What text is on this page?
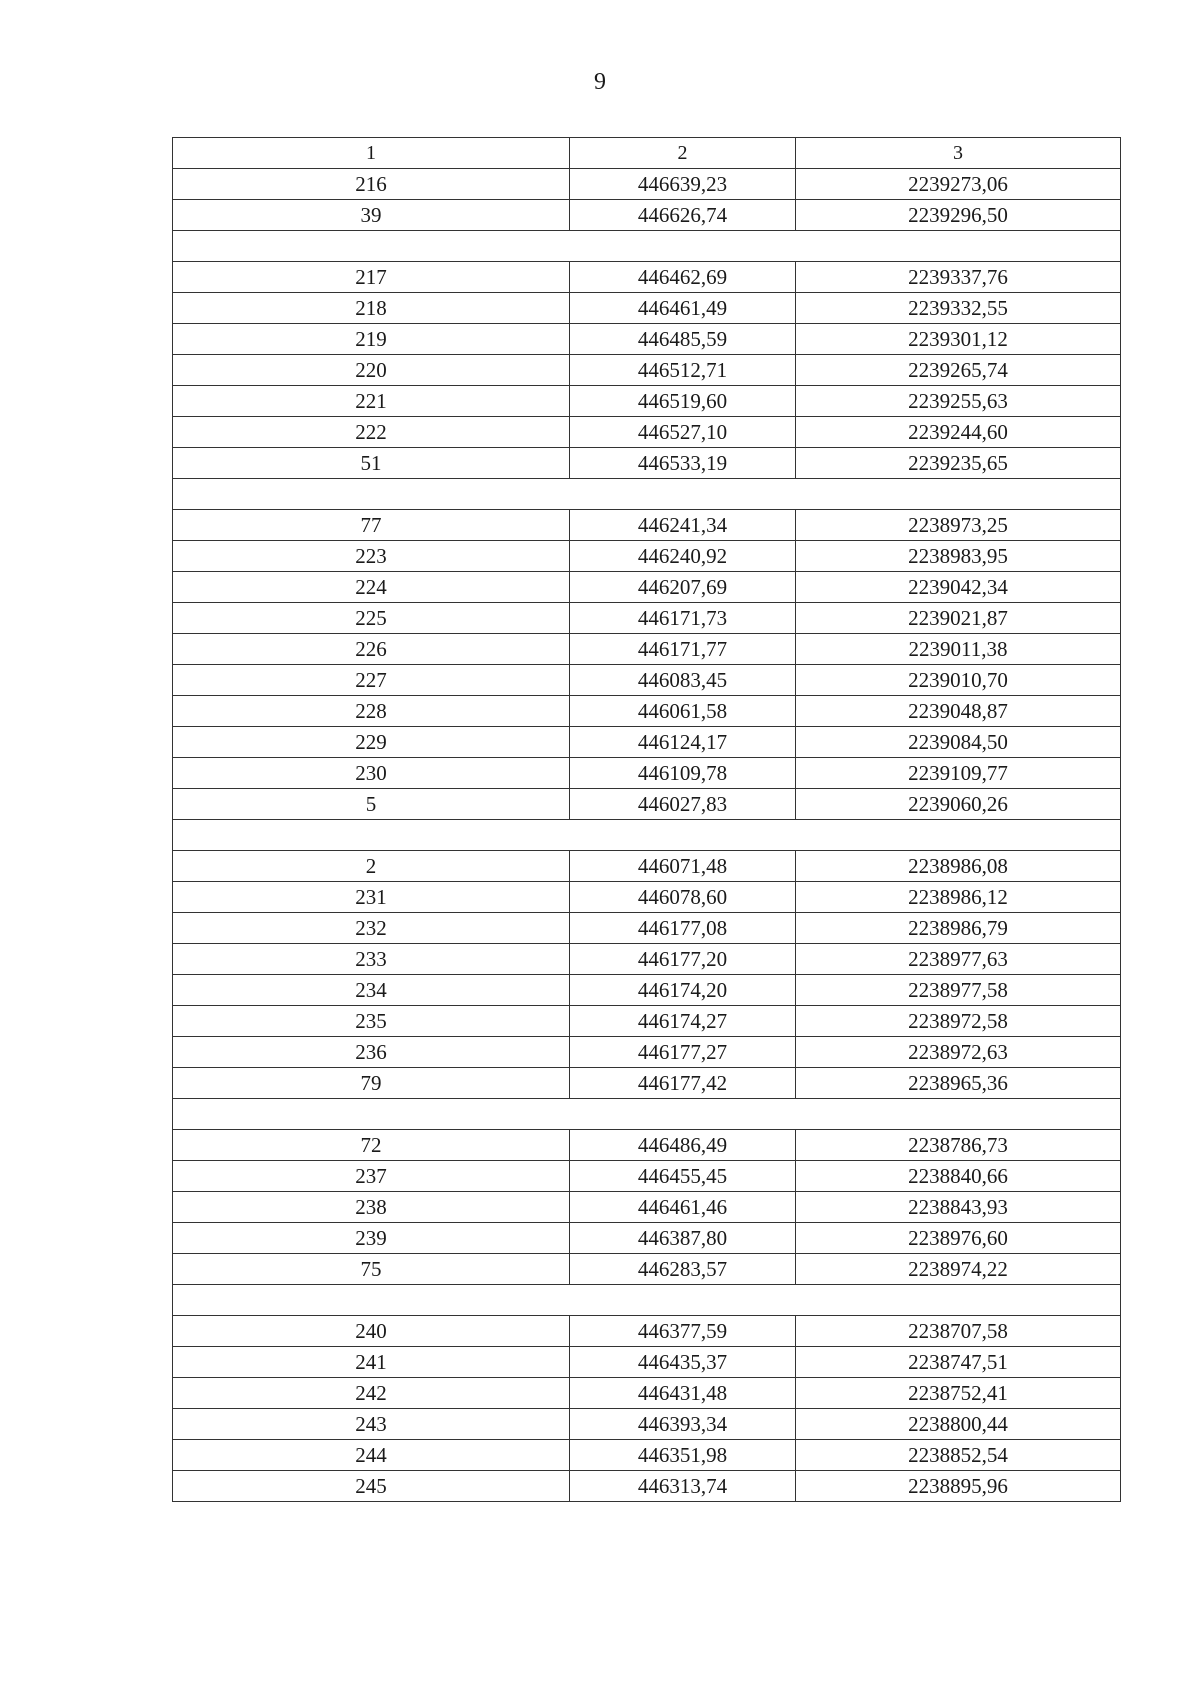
9
1	2	3
216	446639,23	2239273,06
39	446626,74	2239296,50

217	446462,69	2239337,76
218	446461,49	2239332,55
219	446485,59	2239301,12
220	446512,71	2239265,74
221	446519,60	2239255,63
222	446527,10	2239244,60
51	446533,19	2239235,65

77	446241,34	2238973,25
223	446240,92	2238983,95
224	446207,69	2239042,34
225	446171,73	2239021,87
226	446171,77	2239011,38
227	446083,45	2239010,70
228	446061,58	2239048,87
229	446124,17	2239084,50
230	446109,78	2239109,77
5	446027,83	2239060,26

2	446071,48	2238986,08
231	446078,60	2238986,12
232	446177,08	2238986,79
233	446177,20	2238977,63
234	446174,20	2238977,58
235	446174,27	2238972,58
236	446177,27	2238972,63
79	446177,42	2238965,36

72	446486,49	2238786,73
237	446455,45	2238840,66
238	446461,46	2238843,93
239	446387,80	2238976,60
75	446283,57	2238974,22

240	446377,59	2238707,58
241	446435,37	2238747,51
242	446431,48	2238752,41
243	446393,34	2238800,44
244	446351,98	2238852,54
245	446313,74	2238895,96
